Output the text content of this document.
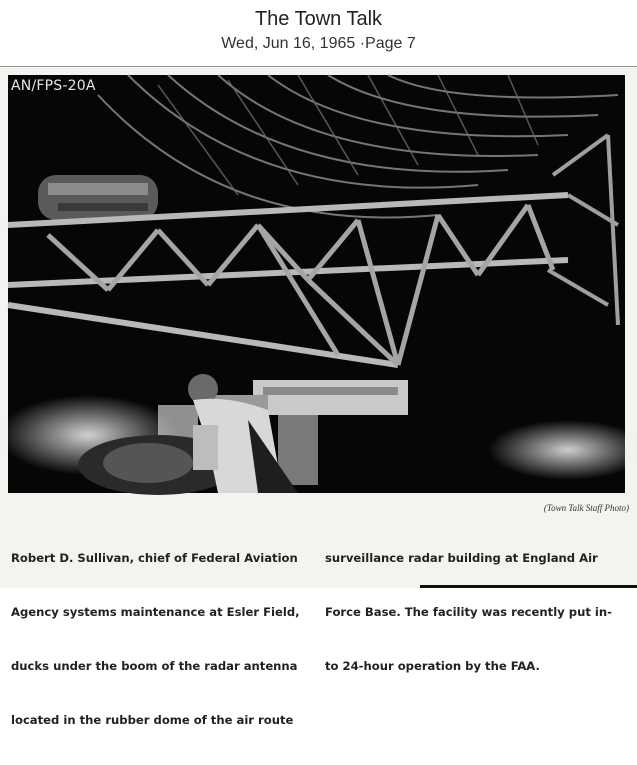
The Town Talk
Wed, Jun 16, 1965 ·Page 7
AN/FPS-20A
(Town Talk Staff Photo)

Robert D. Sullivan, chief of Federal Aviation

Agency systems maintenance at Esler Field,

ducks under the boom of the radar antenna

located in the rubber dome of the air route

surveillance radar building at England Air

Force Base. The facility was recently put in-

to 24-hour operation by the FAA.
